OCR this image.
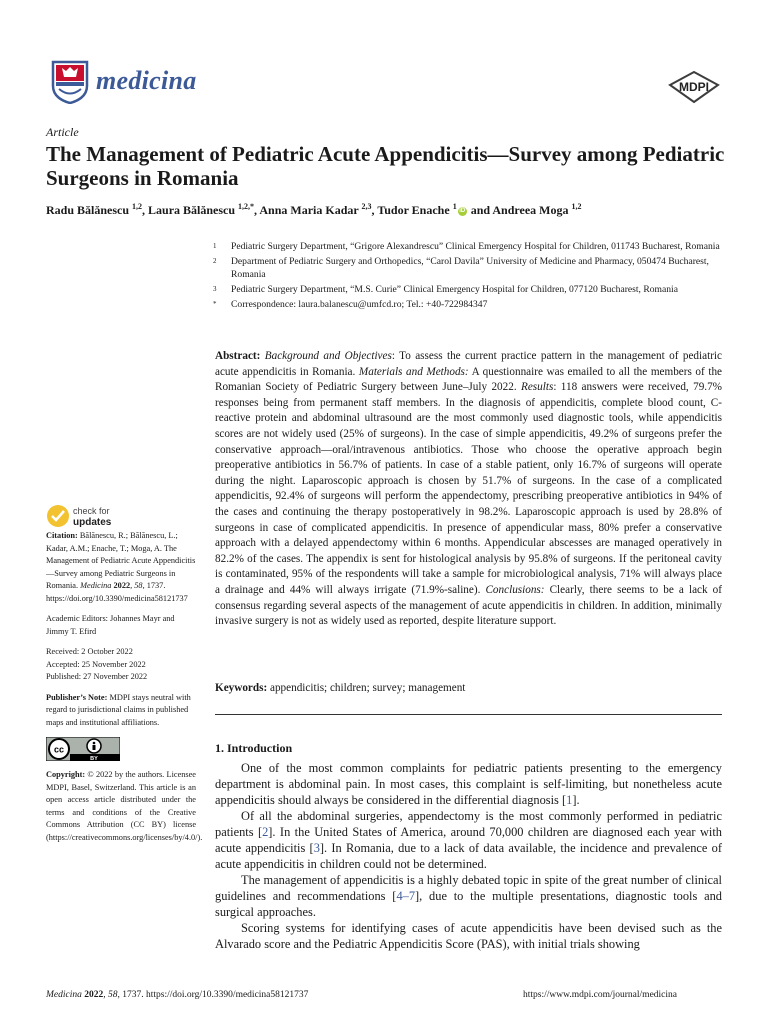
medicina	MDPI
Article
The Management of Pediatric Acute Appendicitis—Survey among Pediatric Surgeons in Romania
Radu Bălănescu $^{1,2}$, Laura Bălănescu $^{1,2,*}$, Anna Maria Kadar $^{2,3}$, Tudor Enache $^1$ iD and Andreea Moga $^{1,2}$
1	Pediatric Surgery Department, “Grigore Alexandrescu” Clinical Emergency Hospital for Children, 011743 Bucharest, Romania
2	Department of Pediatric Surgery and Orthopedics, “Carol Davila” University of Medicine and Pharmacy, 050474 Bucharest, Romania
3	Pediatric Surgery Department, “M.S. Curie” Clinical Emergency Hospital for Children, 077120 Bucharest, Romania
*	Correspondence: laura.balanescu@umfcd.ro; Tel.: +40-722984347

Abstract: Background and Objectives: To assess the current practice pattern in the management of pediatric acute appendicitis in Romania. Materials and Methods: A questionnaire was emailed to all the members of the Romanian Society of Pediatric Surgery between June–July 2022. Results: 118 answers were received, 79.7% responses being from permanent staff members. In the diagnosis of appendicitis, complete blood count, C-reactive protein and abdominal ultrasound are the most commonly used diagnostic tools, while appendicitis scores are not widely used (25% of surgeons). In the case of simple appendicitis, 49.2% of surgeons prefer the conservative approach—oral/intravenous antibiotics. Those who choose the operative approach begin preoperative antibiotics in 56.7% of patients. In case of a stable patient, only 16.7% of surgeons will operate during the night. Laparoscopic approach is chosen by 51.7% of surgeons. In the case of a complicated appendicitis, 92.4% of surgeons will perform the appendectomy, prescribing preoperative antibiotics in 94% of the cases and continuing the therapy postoperatively in 98.2%. Laparoscopic approach is used by 28.8% of surgeons in case of complicated appendicitis. In presence of appendicular mass, 80% prefer a conservative approach with a delayed appendectomy within 6 months. Appendicular abscesses are managed operatively in 82.2% of the cases. The appendix is sent for histological analysis by 95.8% of surgeons. If the peritoneal cavity is contaminated, 95% of the respondents will take a sample for microbiological analysis, 71% will always place a drainage and 44% will always irrigate (71.9%-saline). Conclusions: Clearly, there seems to be a lack of consensus regarding several aspects of the management of acute appendicitis in children. In addition, minimally invasive surgery is not as widely used as reported, despite literature support.

Keywords: appendicitis; children; survey; management

1. Introduction

One of the most common complaints for pediatric patients presenting to the emergency department is abdominal pain. In most cases, this complaint is self-limiting, but nonetheless acute appendicitis should always be considered in the differential diagnosis [1].

Of all the abdominal surgeries, appendectomy is the most commonly performed in pediatric patients [2]. In the United States of America, around 70,000 children are diagnosed each year with acute appendicitis [3]. In Romania, due to a lack of data available, the incidence and prevalence of acute appendicitis in children could not be determined.

The management of appendicitis is a highly debated topic in spite of the great number of clinical guidelines and recommendations [4–7], due to the multiple presentations, diagnostic tools and surgical approaches.

Scoring systems for identifying cases of acute appendicitis have been devised such as the Alvarado score and the Pediatric Appendicitis Score (PAS), with initial trials showing

check for
updates

Citation: Bălănescu, R.; Bălănescu, L.; Kadar, A.M.; Enache, T.; Moga, A. The Management of Pediatric Acute Appendicitis—Survey among Pediatric Surgeons in Romania. Medicina 2022, 58, 1737. https://doi.org/10.3390/medicina58121737

Academic Editors: Johannes Mayr and Jimmy T. Efird

Received: 2 October 2022
Accepted: 25 November 2022
Published: 27 November 2022

Publisher’s Note: MDPI stays neutral with regard to jurisdictional claims in published maps and institutional affiliations.

cc
BY

Copyright: © 2022 by the authors. Licensee MDPI, Basel, Switzerland. This article is an open access article distributed under the terms and conditions of the Creative Commons Attribution (CC BY) license (https://creativecommons.org/licenses/by/4.0/).

Medicina 2022, 58, 1737. https://doi.org/10.3390/medicina58121737	https://www.mdpi.com/journal/medicina
